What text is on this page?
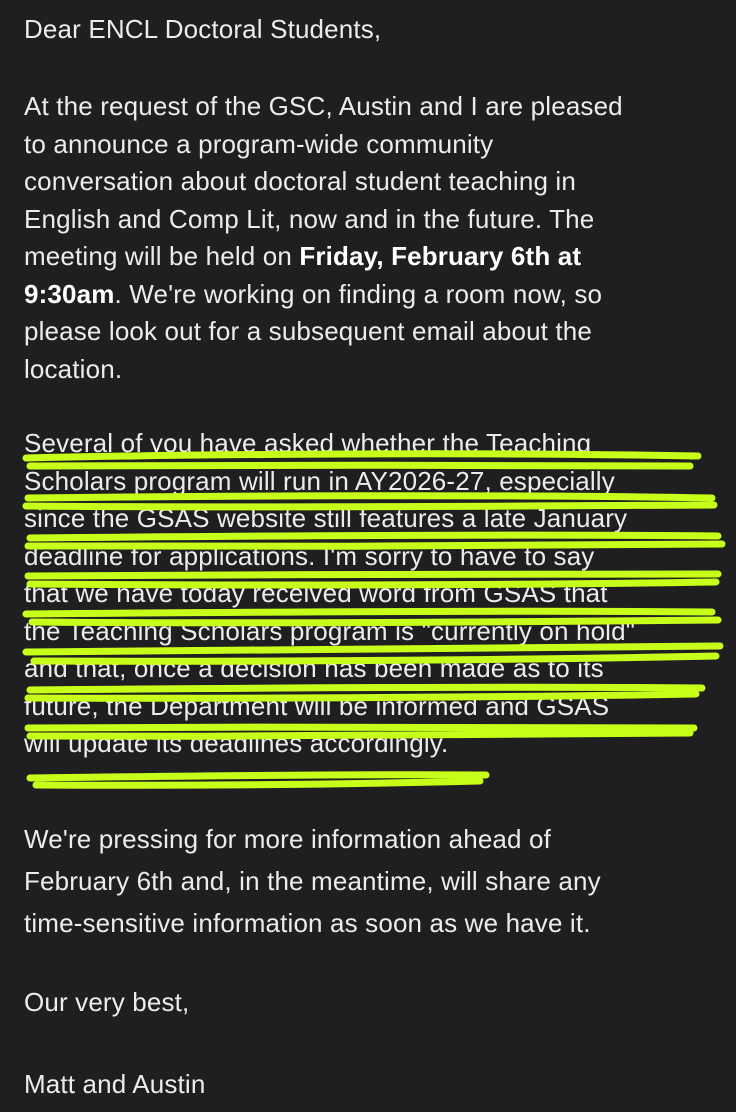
Dear ENCL Doctoral Students,

At the request of the GSC, Austin and I are pleased
to announce a program-wide community
conversation about doctoral student teaching in
English and Comp Lit, now and in the future. The
meeting will be held on Friday, February 6th at
9:30am. We're working on finding a room now, so
please look out for a subsequent email about the
location.

Several of you have asked whether the Teaching
Scholars program will run in AY2026-27, especially
since the GSAS website still features a late January
deadline for applications. I'm sorry to have to say
that we have today received word from GSAS that
the Teaching Scholars program is "currently on hold"
and that, once a decision has been made as to its
future, the Department will be informed and GSAS
will update its deadlines accordingly.

We're pressing for more information ahead of
February 6th and, in the meantime, will share any
time-sensitive information as soon as we have it.

Our very best,

Matt and Austin
